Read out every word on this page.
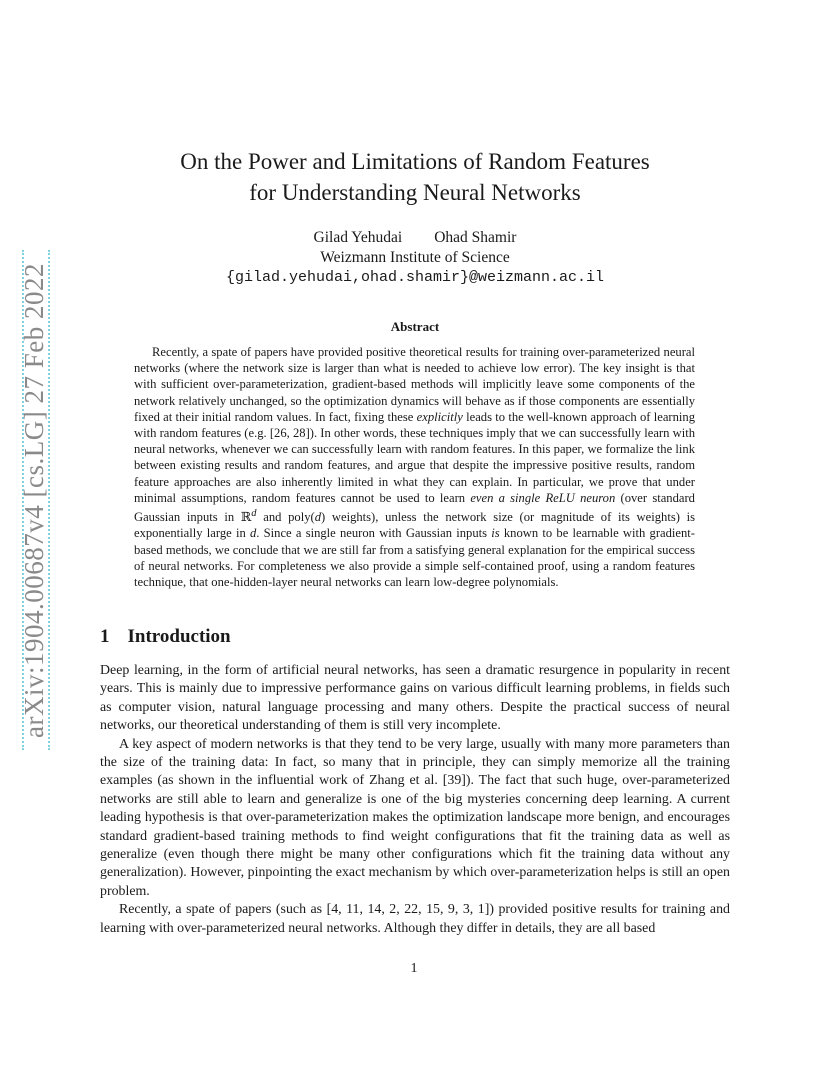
arXiv:1904.00687v4 [cs.LG] 27 Feb 2022
On the Power and Limitations of Random Features
for Understanding Neural Networks
Gilad Yehudai Ohad Shamir
Weizmann Institute of Science
{gilad.yehudai,ohad.shamir}@weizmann.ac.il
Abstract

Recently, a spate of papers have provided positive theoretical results for training over-parameterized neural networks (where the network size is larger than what is needed to achieve low error). The key insight is that with sufficient over-parameterization, gradient-based methods will implicitly leave some components of the network relatively unchanged, so the optimization dynamics will behave as if those components are essentially fixed at their initial random values. In fact, fixing these explicitly leads to the well-known approach of learning with random features (e.g. [26, 28]). In other words, these techniques imply that we can successfully learn with neural networks, whenever we can successfully learn with random features. In this paper, we formalize the link between existing results and random features, and argue that despite the impressive positive results, random feature approaches are also inherently limited in what they can explain. In particular, we prove that under minimal assumptions, random features cannot be used to learn even a single ReLU neuron (over standard Gaussian inputs in ℝ$^d$ and poly(d) weights), unless the network size (or magnitude of its weights) is exponentially large in d. Since a single neuron with Gaussian inputs is known to be learnable with gradient-based methods, we conclude that we are still far from a satisfying general explanation for the empirical success of neural networks. For completeness we also provide a simple self-contained proof, using a random features technique, that one-hidden-layer neural networks can learn low-degree polynomials.

1 Introduction

Deep learning, in the form of artificial neural networks, has seen a dramatic resurgence in popularity in recent years. This is mainly due to impressive performance gains on various difficult learning problems, in fields such as computer vision, natural language processing and many others. Despite the practical success of neural networks, our theoretical understanding of them is still very incomplete.

A key aspect of modern networks is that they tend to be very large, usually with many more parameters than the size of the training data: In fact, so many that in principle, they can simply memorize all the training examples (as shown in the influential work of Zhang et al. [39]). The fact that such huge, over-parameterized networks are still able to learn and generalize is one of the big mysteries concerning deep learning. A current leading hypothesis is that over-parameterization makes the optimization landscape more benign, and encourages standard gradient-based training methods to find weight configurations that fit the training data as well as generalize (even though there might be many other configurations which fit the training data without any generalization). However, pinpointing the exact mechanism by which over-parameterization helps is still an open problem.

Recently, a spate of papers (such as [4, 11, 14, 2, 22, 15, 9, 3, 1]) provided positive results for training and learning with over-parameterized neural networks. Although they differ in details, they are all based

1
